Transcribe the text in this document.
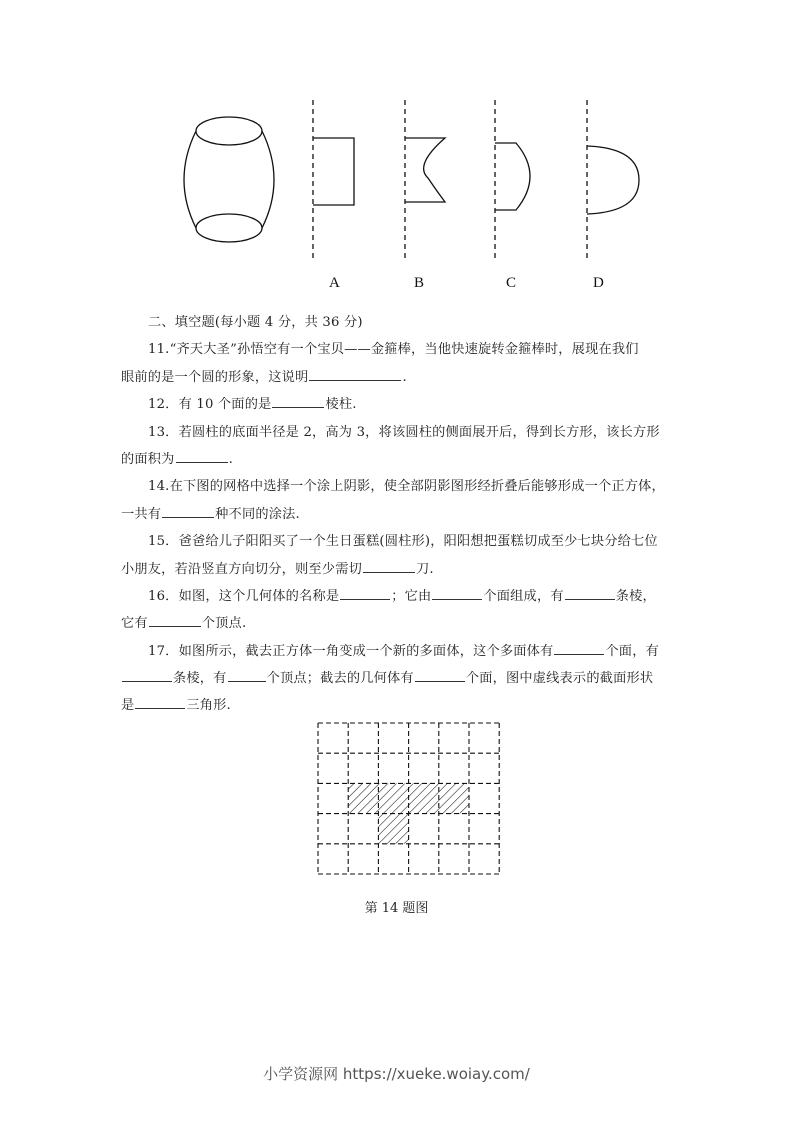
A	B	C	D
二、填空题(每小题 4 分，共 36 分)
11.“齐天大圣”孙悟空有一个宝贝——金箍棒，当他快速旋转金箍棒时，展现在我们
眼前的是一个圆的形象，这说明	.
12．有 10 个面的是	棱柱.
13．若圆柱的底面半径是 2，高为 3，将该圆柱的侧面展开后，得到长方形，该长方形
的面积为	.
14.在下图的网格中选择一个涂上阴影，使全部阴影图形经折叠后能够形成一个正方体，
一共有	种不同的涂法.
15．爸爸给儿子阳阳买了一个生日蛋糕(圆柱形)，阳阳想把蛋糕切成至少七块分给七位
小朋友，若沿竖直方向切分，则至少需切	刀.
16．如图，这个几何体的名称是	；它由	个面组成，有	条棱，
它有	个顶点.
17．如图所示，截去正方体一角变成一个新的多面体，这个多面体有	个面，有
条棱，有	个顶点；截去的几何体有	个面，图中虚线表示的截面形状
是	三角形.
第 14 题图
小学资源网 https://xueke.woiay.com/
